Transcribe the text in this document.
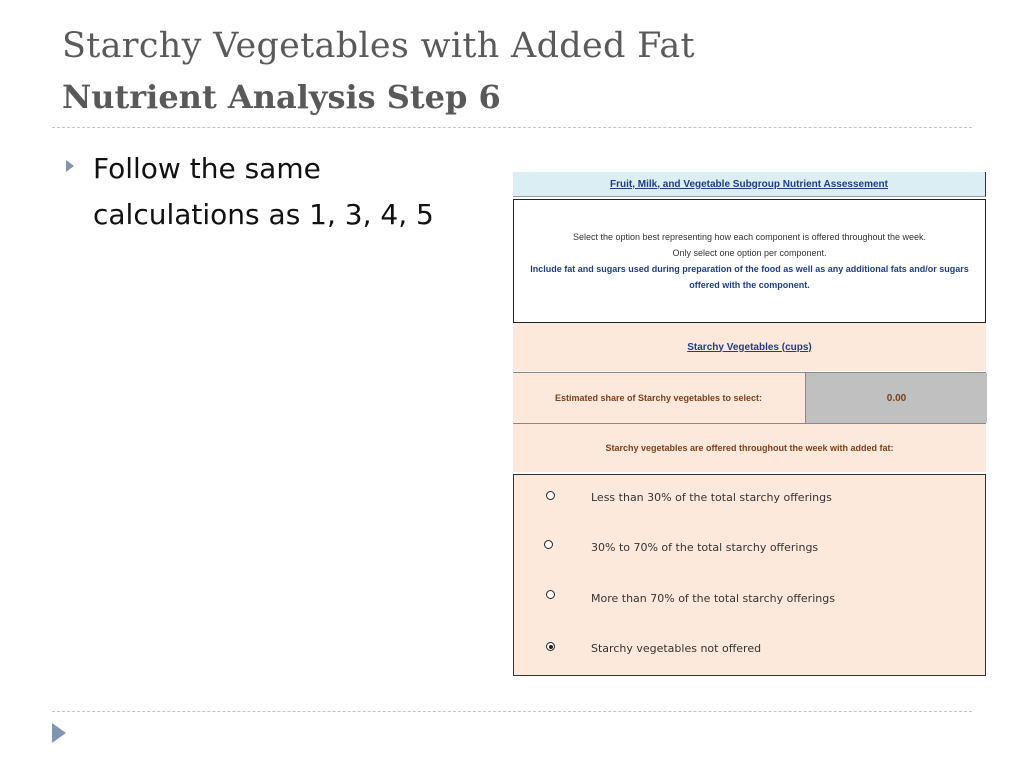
Starchy Vegetables with Added Fat
Nutrient Analysis Step 6
Follow the same calculations as 1, 3, 4, 5
Fruit, Milk, and Vegetable Subgroup Nutrient Assessement
Select the option best representing how each component is offered throughout the week.
Only select one option per component.
Include fat and sugars used during preparation of the food as well as any additional fats and/or sugars offered with the component.
Starchy Vegetables (cups)
Estimated share of Starchy vegetables to select:	0.00
Starchy vegetables are offered throughout the week with added fat:
Less than 30% of the total starchy offerings
30% to 70% of the total starchy offerings
More than 70% of the total starchy offerings
Starchy vegetables not offered
